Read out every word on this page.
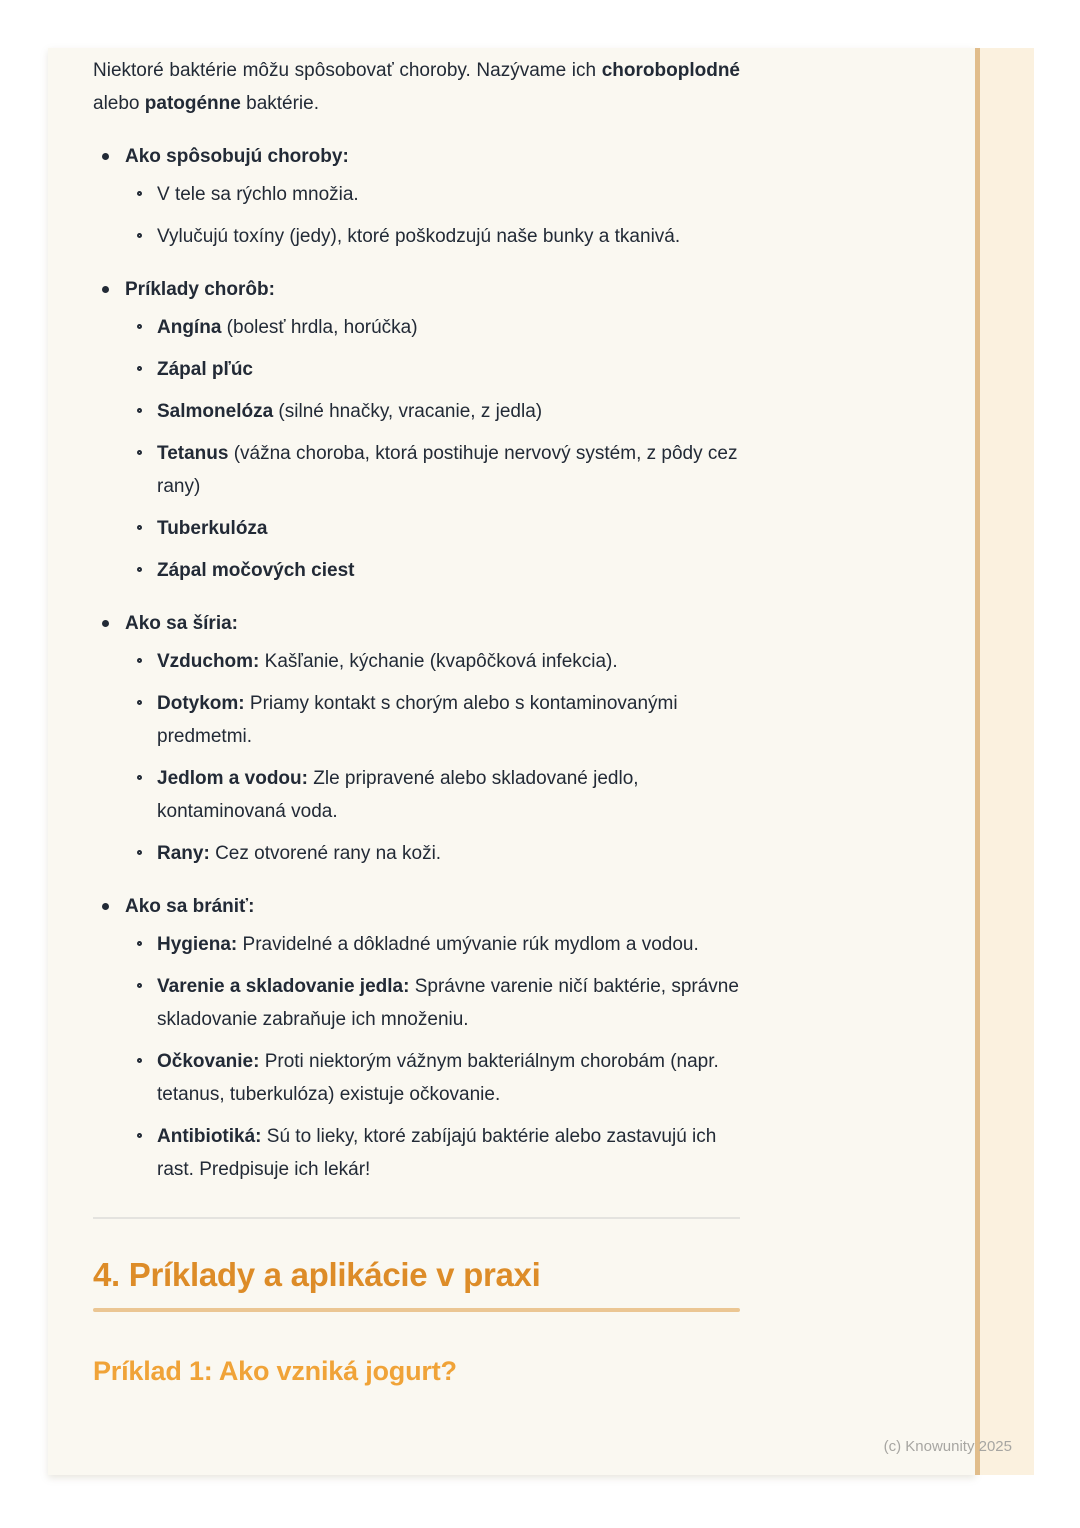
Niektoré baktérie môžu spôsobovať choroby. Nazývame ich choroboplodné alebo patogénne baktérie.

Ako spôsobujú choroby:
V tele sa rýchlo množia.
Vylučujú toxíny (jedy), ktoré poškodzujú naše bunky a tkanivá.
Príklady chorôb:
Angína (bolesť hrdla, horúčka)
Zápal pľúc
Salmonelóza (silné hnačky, vracanie, z jedla)
Tetanus (vážna choroba, ktorá postihuje nervový systém, z pôdy cez rany)
Tuberkulóza
Zápal močových ciest
Ako sa šíria:
Vzduchom: Kašľanie, kýchanie (kvapôčková infekcia).
Dotykom: Priamy kontakt s chorým alebo s kontaminovanými predmetmi.
Jedlom a vodou: Zle pripravené alebo skladované jedlo, kontaminovaná voda.
Rany: Cez otvorené rany na koži.
Ako sa brániť:
Hygiena: Pravidelné a dôkladné umývanie rúk mydlom a vodou.
Varenie a skladovanie jedla: Správne varenie ničí baktérie, správne skladovanie zabraňuje ich množeniu.
Očkovanie: Proti niektorým vážnym bakteriálnym chorobám (napr. tetanus, tuberkulóza) existuje očkovanie.
Antibiotiká: Sú to lieky, ktoré zabíjajú baktérie alebo zastavujú ich rast. Predpisuje ich lekár!
4. Príklady a aplikácie v praxi
Príklad 1: Ako vzniká jogurt?
(c) Knowunity 2025
